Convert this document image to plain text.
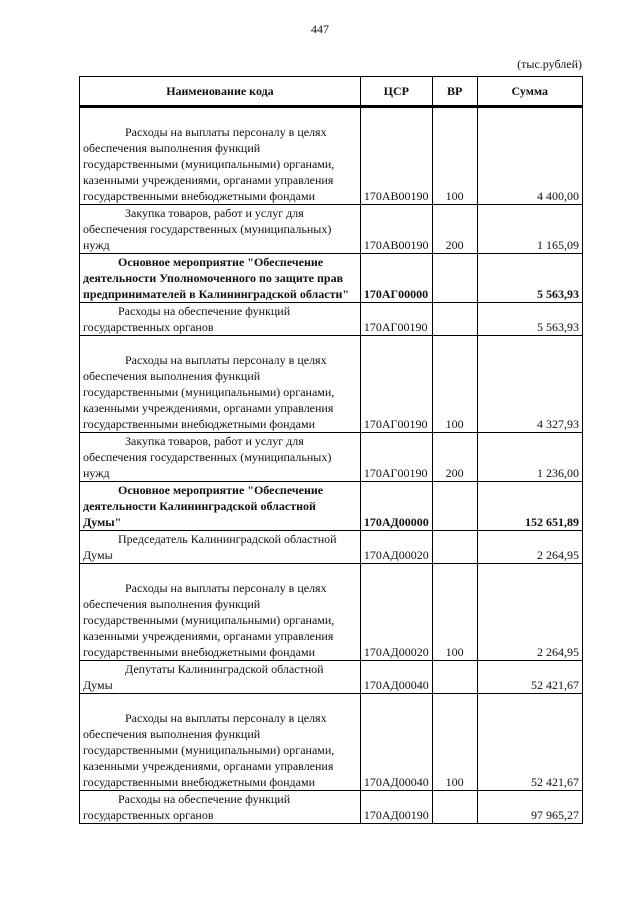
447
(тыс.рублей)
Наименование кода	ЦСР	ВР	Сумма

Расходы на выплаты персоналу в целях
обеспечения выполнения функций государственными (муниципальными) органами, казенными учреждениями, органами управления государственными внебюджетными фондами	170АВ00190	100	4 400,00
Закупка товаров, работ и услуг для
обеспечения государственных (муниципальных) нужд	170АВ00190	200	1 165,09
Основное мероприятие "Обеспечение
деятельности Уполномоченного по защите прав предпринимателей в Калининградской области"	170АГ00000		5 563,93
Расходы на обеспечение функций
государственных органов	170АГ00190		5 563,93

Расходы на выплаты персоналу в целях
обеспечения выполнения функций государственными (муниципальными) органами, казенными учреждениями, органами управления государственными внебюджетными фондами	170АГ00190	100	4 327,93
Закупка товаров, работ и услуг для
обеспечения государственных (муниципальных) нужд	170АГ00190	200	1 236,00
Основное мероприятие "Обеспечение
деятельности Калининградской областной Думы"	170АД00000		152 651,89
Председатель Калининградской областной
Думы	170АД00020		2 264,95

Расходы на выплаты персоналу в целях
обеспечения выполнения функций государственными (муниципальными) органами, казенными учреждениями, органами управления государственными внебюджетными фондами	170АД00020	100	2 264,95
Депутаты Калининградской областной
Думы	170АД00040		52 421,67

Расходы на выплаты персоналу в целях
обеспечения выполнения функций государственными (муниципальными) органами, казенными учреждениями, органами управления государственными внебюджетными фондами	170АД00040	100	52 421,67
Расходы на обеспечение функций
государственных органов	170АД00190		97 965,27
